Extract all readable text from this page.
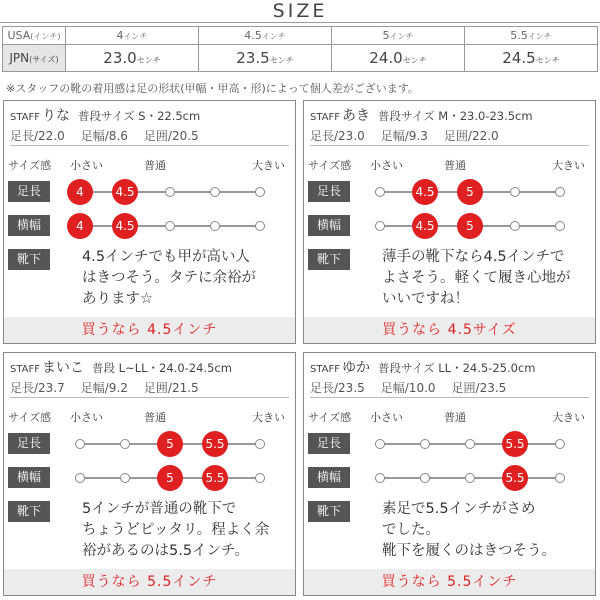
SIZE
USA(インチ)	4インチ	4.5インチ	5インチ	5.5インチ
JPN(サイズ)	23.0センチ	23.5センチ	24.0センチ	24.5センチ
※スタッフの靴の着用感は足の形状(甲幅・甲高・形)によって個人差がございます。
STAFF りな 普段サイズ S・22.5cm
足長/22.0 足幅/8.6 足囲/20.5
サイズ感 小さい	普通	大きい
足長
横幅
靴下
4	4.5
4	4.5

4.5インチでも甲が高い人

はきつそう。タテに余裕が

あります☆

買うなら 4.5インチ
STAFF あき 普段サイズ M・23.0-23.5cm
足長/23.0 足幅/9.3 足囲/22.0
サイズ感 小さい	普通	大きい
足長
横幅
靴下
4.5	5
4.5	5

薄手の靴下なら4.5インチで

よさそう。軽くて履き心地が

いいですね！

買うなら 4.5サイズ
STAFF まいこ 普段 L~LL・24.0-24.5cm
足長/23.7 足幅/9.2 足囲/21.5
サイズ感 小さい	普通	大きい
足長
横幅
靴下
5	5.5
5	5.5

5インチが普通の靴下で

ちょうどピッタリ。程よく余

裕があるのは5.5インチ。

買うなら 5.5インチ
STAFF ゆか 普段サイズ LL・24.5-25.0cm
足長/23.5 足幅/10.0 足囲/23.5
サイズ感 小さい	普通	大きい
足長
横幅
靴下
5.5
5.5

素足で5.5インチがさめ

でした。

靴下を履くのはきつそう。

買うなら 5.5インチ
